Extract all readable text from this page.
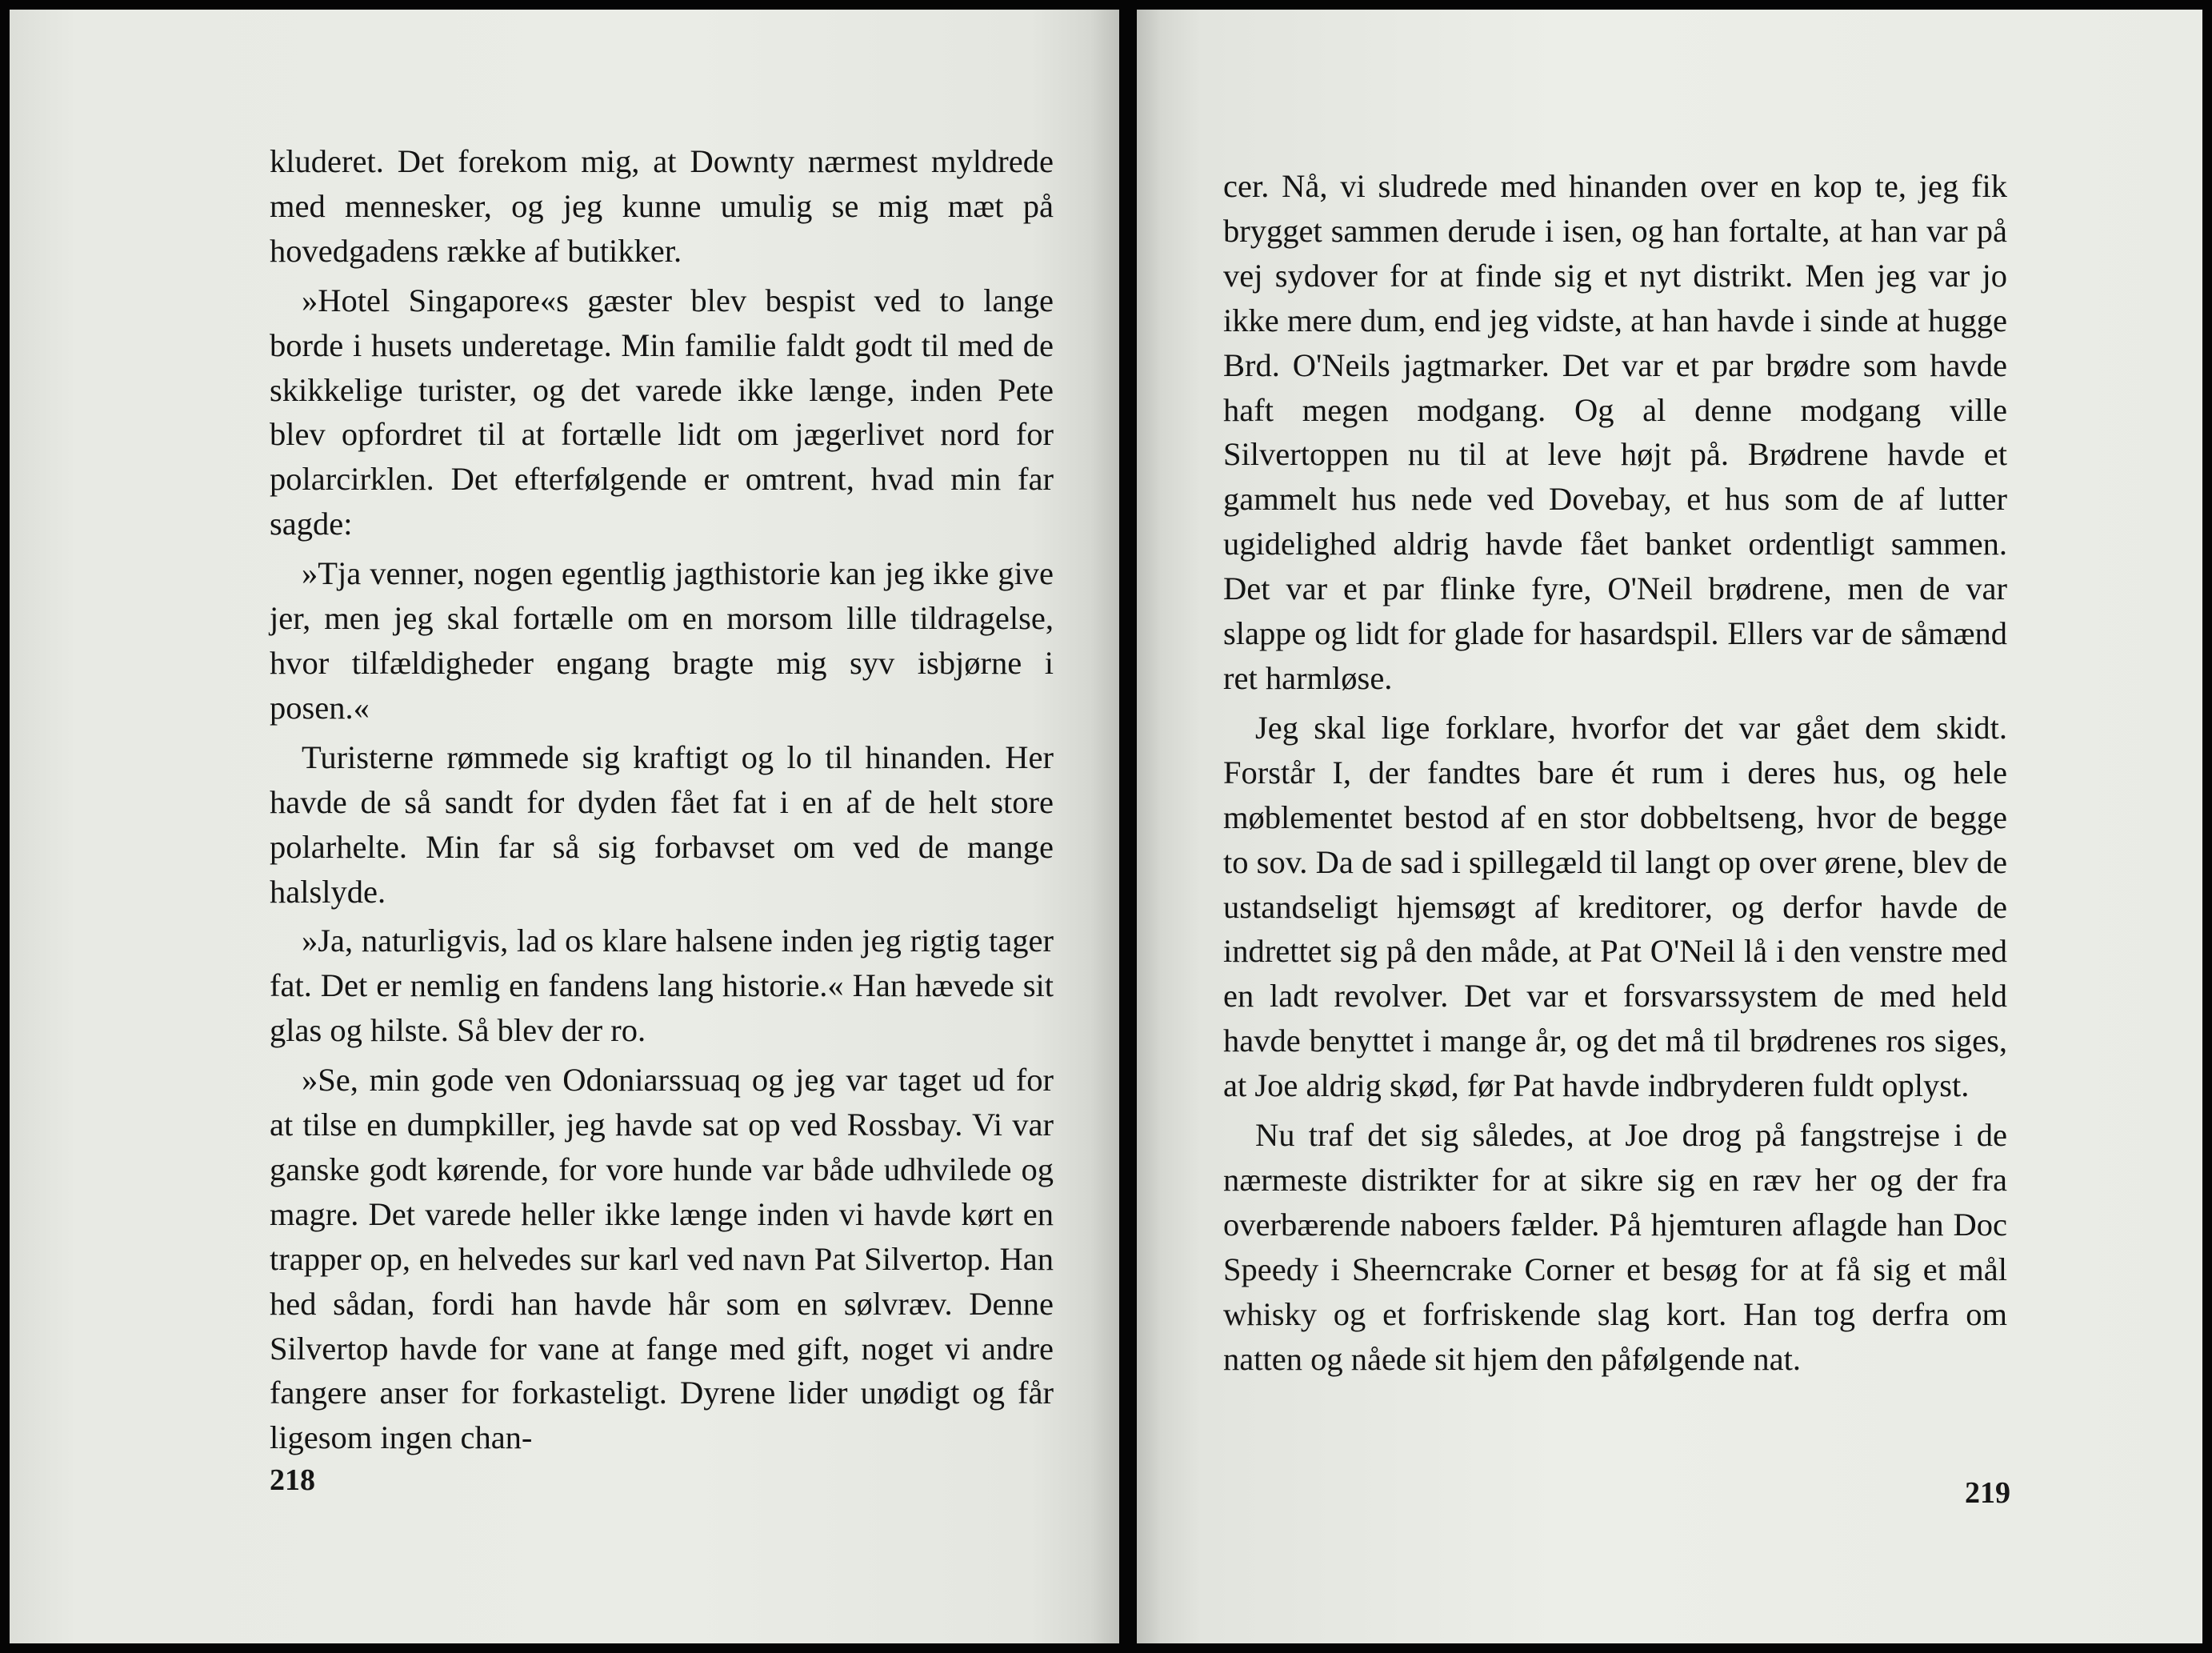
kluderet. Det forekom mig, at Downty nærmest myldrede med mennesker, og jeg kunne umulig se mig mæt på hovedgadens række af butikker.

»Hotel Singapore«s gæster blev bespist ved to lange borde i husets underetage. Min familie faldt godt til med de skikkelige turister, og det varede ikke længe, inden Pete blev opfordret til at fortælle lidt om jægerlivet nord for polarcirklen. Det efterfølgende er omtrent, hvad min far sagde:

»Tja venner, nogen egentlig jagthistorie kan jeg ikke give jer, men jeg skal fortælle om en morsom lille tildragelse, hvor tilfældigheder engang bragte mig syv isbjørne i posen.«

Turisterne rømmede sig kraftigt og lo til hinanden. Her havde de så sandt for dyden fået fat i en af de helt store polarhelte. Min far så sig forbavset om ved de mange halslyde.

»Ja, naturligvis, lad os klare halsene inden jeg rigtig tager fat. Det er nemlig en fandens lang historie.« Han hævede sit glas og hilste. Så blev der ro.

»Se, min gode ven Odoniarssuaq og jeg var taget ud for at tilse en dumpkiller, jeg havde sat op ved Rossbay. Vi var ganske godt kørende, for vore hunde var både udhvilede og magre. Det varede heller ikke længe inden vi havde kørt en trapper op, en helvedes sur karl ved navn Pat Silvertop. Han hed sådan, fordi han havde hår som en sølvræv. Denne Silvertop havde for vane at fange med gift, noget vi andre fangere anser for forkasteligt. Dyrene lider unødigt og får ligesom ingen chan-

218

cer. Nå, vi sludrede med hinanden over en kop te, jeg fik brygget sammen derude i isen, og han fortalte, at han var på vej sydover for at finde sig et nyt distrikt. Men jeg var jo ikke mere dum, end jeg vidste, at han havde i sinde at hugge Brd. O'Neils jagtmarker. Det var et par brødre som havde haft megen modgang. Og al denne modgang ville Silvertoppen nu til at leve højt på. Brødrene havde et gammelt hus nede ved Dovebay, et hus som de af lutter ugidelighed aldrig havde fået banket ordentligt sammen. Det var et par flinke fyre, O'Neil brødrene, men de var slappe og lidt for glade for hasardspil. Ellers var de såmænd ret harmløse.

Jeg skal lige forklare, hvorfor det var gået dem skidt. Forstår I, der fandtes bare ét rum i deres hus, og hele møblementet bestod af en stor dobbeltseng, hvor de begge to sov. Da de sad i spillegæld til langt op over ørene, blev de ustandseligt hjemsøgt af kreditorer, og derfor havde de indrettet sig på den måde, at Pat O'Neil lå i den venstre med en ladt revolver. Det var et forsvarssystem de med held havde benyttet i mange år, og det må til brødrenes ros siges, at Joe aldrig skød, før Pat havde indbryderen fuldt oplyst.

Nu traf det sig således, at Joe drog på fangstrejse i de nærmeste distrikter for at sikre sig en ræv her og der fra overbærende naboers fælder. På hjemturen aflagde han Doc Speedy i Sheerncrake Corner et besøg for at få sig et mål whisky og et forfriskende slag kort. Han tog derfra om natten og nåede sit hjem den påfølgende nat.

219
